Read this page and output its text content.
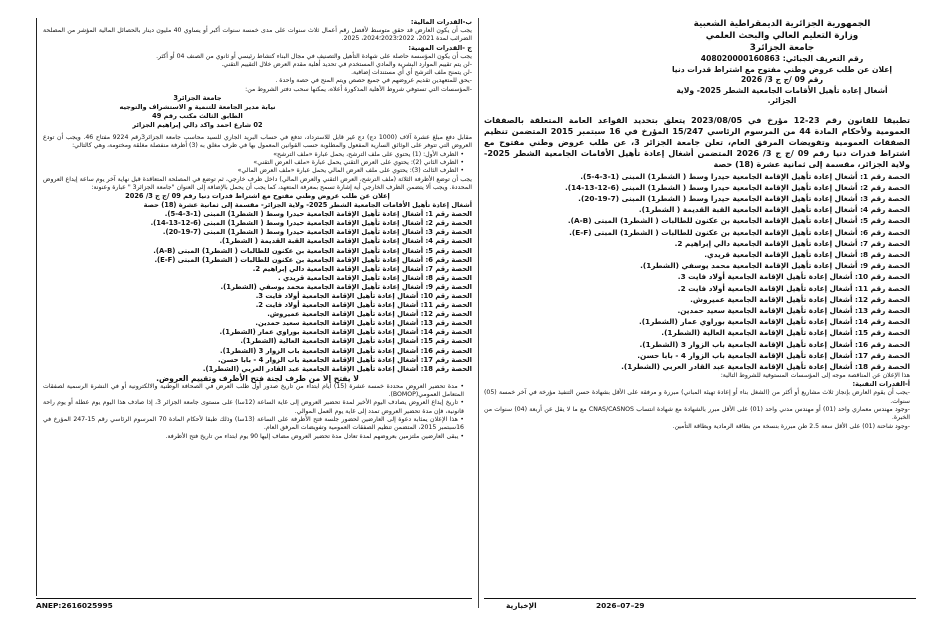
ب-القدرات المالية:
يجب أن يكون العارض قد حقق متوسط لأفضل رقم أعمال ثلاث سنوات على مدى خمسة سنوات أكبر أو يساوي 40 مليون دينار بالحصائل المالية المؤشر من المصلحة الضرائب لمدة 2021، 2022؛2023؛2024، 2025.
ج -القدرات المهنية:
يجب أن يكون المؤسسة حاصلة على شهادة التأهيل والتصنيف في مجال البناء كنشاط رئيسي أو ثانوي من الصنف 04 أو أكثر.
-لن يتم تقييم الموارد البشرية والمادي المستخدم في تحديد أهلية مقدم العرض خلال التقييم التقني.
-لن يتمنح ملف الترشح أي أي مستندات إضافية.
-يحق للمتعهدين تقديم عروضهم في جميع حصص ويتم المنح في حصة واحدة .
-المؤسسات التي تستوفي شروط الأهلية المذكورة أعلاه، يمكنها سحب دفتر الشروط من:
جامعة الجزائر3
نيابة مدير الجامعة للتنمية و الاستشراف والتوجيه
الطابق الثالث مكتب رقم 49
02 شارع احمد واكد دالي إبراهيم الجزائر
مقابل دفع مبلغ عشرة آلاف (1000 دج) دج غير قابل للاسترداد، تدفع في حساب البريد الجاري للسيد محاسب جامعة الجزائر3رقم 9224 مفتاح 46. ويجب أن تودع العروض التي تتوفر على الوثائق السارية المفعول والمطلوبة حسب القوانين المعمول بها في ظرف مغلق به (3) أظرفة منفصلة مغلقة ومختومة، وهي كالتالي:
• الظرف الأول: (1) يحتوي على ملف الترشح، يحمل عبارة «ملف الترشح»
• الظرف الثاني (2): يحتوي على العرض التقني يحمل عبارة «ملف العرض التقني»
• الظرف الثالث (3): يحتوي على ملف العرض المالي يحمل عبارة «ملف العرض المالي»
يجب أن توضع الأظرفة الثلاثة (ملف الترشح، العرض التقني والعرض المالي) داخل ظرف خارجي، ثم توضع في المصلحة المتعاقدة قبل نهاية آخر يوم ساعة إيداع العروض المحددة. ويجب ألا يتضمن الظرف الخارجي أية إشارة تسمح بمعرفة المتعهد، كما يجب أن يحمل بالإضافة إلى العنوان "جامعة الجزائر3 " عبارة وعنونة:
إعلان عن طلب عروض وطني مفتوح مع اشتراط قدرات دنيا رقم 09 /ج ج 3/ 2026
أشغال إعادة تأهيل الأقامات الجامعية الشطر 2025- ولاية الجزائر- مقسمة إلى ثمانية عشرة (18) حصة
الحصة رقم 1: أشغال إعادة تأهيل الإقامة الجامعية حيدرا وسط ( الشطر1) المبنى (1-3-4-5).
الحصة رقم 2: أشغال إعادة تأهيل الإقامة الجامعية حيدرا وسط ( الشطر1) المبنى (6-12-13-14).
الحصة رقم 3: أشغال إعادة تأهيل الإقامة الجامعية حيدرا وسط ( الشطر1) المبنى (7-19-20).
الحصة رقم 4: أشغال إعادة تأهيل الإقامة الجامعية القبة القديمة ( الشطر1).
الحصة رقم 5: أشغال إعادة تأهيل الإقامة الجامعية بن عكنون للطالبات ( الشطر1) المبنى (A-B).
الحصة رقم 6: أشغال إعادة تأهيل الإقامة الجامعية بن عكنون للطالبات ( الشطر1) المبنى (E-F).
الحصة رقم 7: أشغال إعادة تأهيل الإقامة الجامعية دالي إبراهيم 2.
الحصة رقم 8: أشغال إعادة تأهيل الإقامة الجامعية قريدي .
الحصة رقم 9: أشغال إعادة تأهيل الإقامة الجامعية محمد يوسفي (الشطر1).
الحصة رقم 10: أشغال إعادة تأهيل الإقامة الجامعية أولاد فايت 3.
الحصة رقم 11: أشغال إعادة تأهيل الإقامة الجامعية أولاد فايت 2.
الحصة رقم 12: أشغال إعادة تأهيل الإقامة الجامعية عميروش.
الحصة رقم 13: أشغال إعادة تأهيل الإقامة الجامعية سعيد حمدين.
الحصة رقم 14: أشغال إعادة تأهيل الإقامة الجامعية بوراوي عمار (الشطر1).
الحصة رقم 15: أشغال إعادة تأهيل الإقامة الجامعية العالية (الشطر1).
الحصة رقم 16: أشغال إعادة تأهيل الإقامة الجامعية باب الزوار 3 (الشطر1).
الحصة رقم 17: أشغال إعادة تأهيل الإقامة الجامعية باب الزوار 4 - بابا حسن.
الحصة رقم 18: أشغال إعادة تأهيل الإقامة الجامعية عبد القادر العربي (الشطر1).
لا يفتح إلا من طرف لجنة فتح الأظرف وتقييم العروض.
• مدة تحضير العروض محددة خمسة عشرة (15) أيام ابتداء من تاريخ صدور أول طلب العرض في الصحافة الوطنية والالكترونية أو في النشرة الرسمية لصفقات المتعامل العمومي(BOMOP).
• تاريخ إيداع العروض يصادف اليوم الأخير لمدة تحضير العروض إلى غاية الساعة (12سا) على مستوى جامعة الجزائر 3، إذا صادف هذا اليوم يوم عطلة أو يوم راحة قانونية، فإن مدة تحضير العروض تمدد إلى غاية يوم العمل الموالي.
• هذا الإعلان يمثابة دعوة إلى العارضين لحضور جلسة فتح الأظرفة على الساعة (13سا) وذلك طبقا لأحكام المادة 70 المرسوم الرئاسي رقم 15-247 المؤرخ في 16سبتمبر 2015، المتضمن تنظيم الصفقات العمومية وتفويضات المرفق العام.
• يبقى العارضين ملتزمين بعروضهم لمدة تعادل مدة تحضير العروض مضاف إليها 90 يوم ابتداء من تاريخ فتح الأظرفة.
الجمهورية الجزائرية الديمقراطية الشعبية
وزارة التعليم العالي والبحث العلمي
جامعة الجزائر3
رقم التعريف الجبائي: 408020000160863
إعلان عن طلب عروض وطني مفتوح مع اشتراط قدرات دنيا
رقم 09 /ج ج 3/ 2026
أشغال إعادة تأهيل الأقامات الجامعية الشطر 2025- ولاية الجزائر.
تطبيقا للقانون رقم 23-12 مؤرخ في 2023/08/05 يتعلق بتحديد القواعد العامة المتعلقة بالصفقات العمومية ولأحكام المادة 44 من المرسوم الرئاسي 15/247 المؤرخ في 16 سبتمبر 2015 المتضمن تنظيم الصفقات العمومية وتفويضات المرفق العام، تعلن جامعة الجزائر 3، عن طلب عروض وطني مفتوح مع اشتراط قدرات دنيا رقم 09 /ج ج 3/ 2026 المتضمن أشغال إعادة تأهيل الأقامات الجامعية الشطر 2025- ولاية الجزائر، مقسمة إلى ثمانية عشرة (18) حصة
الحصة رقم 1: أشغال إعادة تأهيل الإقامة الجامعية حيدرا وسط ( الشطر1) المبنى (1-3-4-5).
الحصة رقم 2: أشغال إعادة تأهيل الإقامة الجامعية حيدرا وسط ( الشطر1) المبنى (6-12-13-14).
الحصة رقم 3: أشغال إعادة تأهيل الإقامة الجامعية حيدرا وسط ( الشطر1) المبنى (7-19-20).
الحصة رقم 4: أشغال إعادة تأهيل الإقامة الجامعية القبة القديمة ( الشطر1).
الحصة رقم 5: أشغال إعادة تأهيل الإقامة الجامعية بن عكنون للطالبات ( الشطر1) المبنى (A-B).
الحصة رقم 6: أشغال إعادة تأهيل الإقامة الجامعية بن عكنون للطالبات ( الشطر1) المبنى (E-F).
الحصة رقم 7: أشغال إعادة تأهيل الإقامة الجامعية دالي إبراهيم 2.
الحصة رقم 8: أشغال إعادة تأهيل الإقامة الجامعية قريدي.
الحصة رقم 9: أشغال إعادة تأهيل الإقامة الجامعية محمد يوسفي (الشطر1).
الحصة رقم 10: أشغال إعادة تأهيل الإقامة الجامعية أولاد فايت 3.
الحصة رقم 11: أشغال إعادة تأهيل الإقامة الجامعية أولاد فايت 2.
الحصة رقم 12: أشغال إعادة تأهيل الإقامة الجامعية عميروش.
الحصة رقم 13: أشغال إعادة تأهيل الإقامة الجامعية سعيد حمدين.
الحصة رقم 14: أشغال إعادة تأهيل الإقامة الجامعية بوراوي عمار (الشطر1).
الحصة رقم 15: أشغال إعادة تأهيل الإقامة الجامعية العالية (الشطر1).
الحصة رقم 16: أشغال إعادة تأهيل الإقامة الجامعية باب الزوار 3 (الشطر1).
الحصة رقم 17: أشغال إعادة تأهيل الإقامة الجامعية باب الزوار 4 - بابا حسن.
الحصة رقم 18: أشغال إعادة تأهيل الإقامة الجامعية عبد القادر العربي (الشطر1).
هذا الإعلان عن المناقصة موجه إلى المؤسسات المستوفية للشروط التالية:
أ-القدرات التقنية:
-يجب أن يقوم العارض بإنجاز ثلاث مشاريع أو أكثر من (الشغل بناء أو إعادة تهيئة المباني) مبررة و مرفقة على الأقل بشهادة حسن التنفيذ مؤرخة في آخر خمسة (05) سنوات.
-وجود مهندس معماري واحد (01) أو مهندس مدني واحد (01) على الأقل مبرر بالشهادة مع شهادة انتساب CNAS/CASNOS مع ما لا يقل عن أربعة (04) سنوات من الخبرة.
-وجود شاحنة (01) على الأقل سعة 2.5 طن مبررة بنسخة من بطاقة الرمادية وبطاقة التأمين.
ANEP:2616025995	29–07–2026
الإخبارية
